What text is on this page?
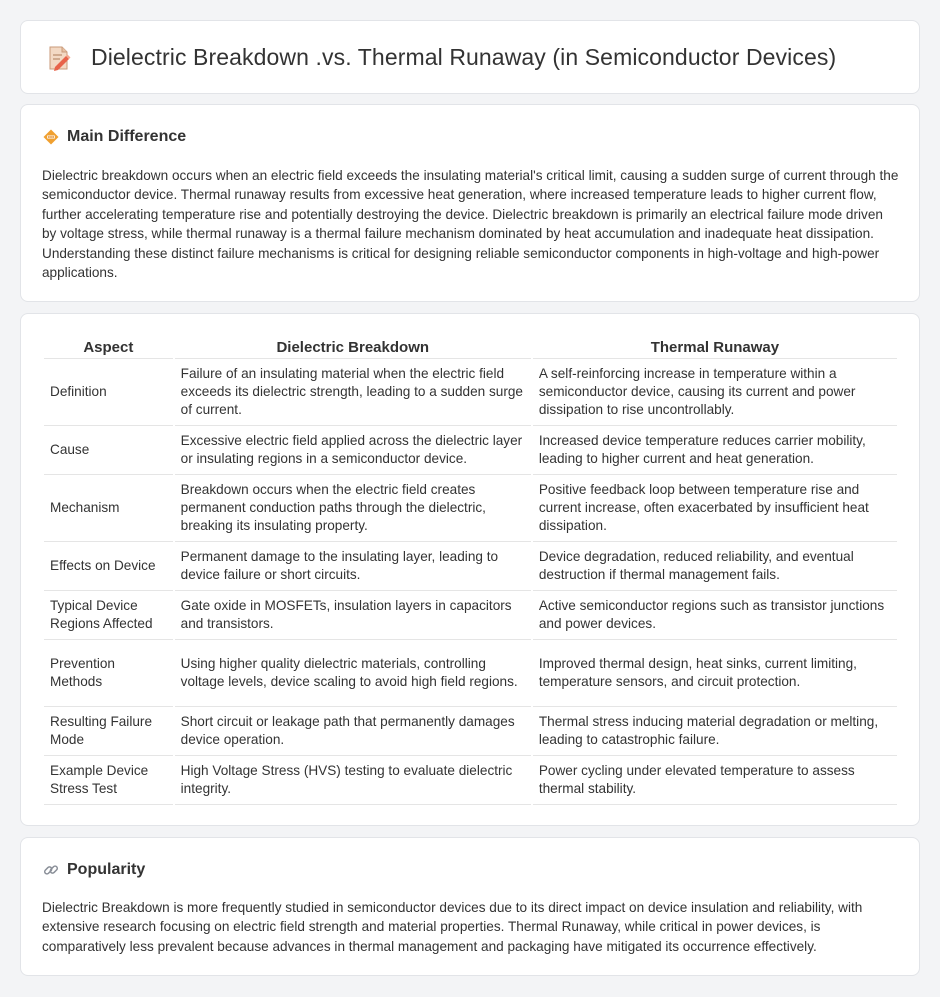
Dielectric Breakdown .vs. Thermal Runaway (in Semiconductor Devices)
Main Difference

Dielectric breakdown occurs when an electric field exceeds the insulating material's critical limit, causing a sudden surge of current through the semiconductor device. Thermal runaway results from excessive heat generation, where increased temperature leads to higher current flow, further accelerating temperature rise and potentially destroying the device. Dielectric breakdown is primarily an electrical failure mode driven by voltage stress, while thermal runaway is a thermal failure mechanism dominated by heat accumulation and inadequate heat dissipation. Understanding these distinct failure mechanisms is critical for designing reliable semiconductor components in high-voltage and high-power applications.

Aspect	Dielectric Breakdown	Thermal Runaway
Definition	Failure of an insulating material when the electric field exceeds its dielectric strength, leading to a sudden surge of current.	A self-reinforcing increase in temperature within a semiconductor device, causing its current and power dissipation to rise uncontrollably.
Cause	Excessive electric field applied across the dielectric layer or insulating regions in a semiconductor device.	Increased device temperature reduces carrier mobility, leading to higher current and heat generation.
Mechanism	Breakdown occurs when the electric field creates permanent conduction paths through the dielectric, breaking its insulating property.	Positive feedback loop between temperature rise and current increase, often exacerbated by insufficient heat dissipation.
Effects on Device	Permanent damage to the insulating layer, leading to device failure or short circuits.	Device degradation, reduced reliability, and eventual destruction if thermal management fails.
Typical Device Regions Affected	Gate oxide in MOSFETs, insulation layers in capacitors and transistors.	Active semiconductor regions such as transistor junctions and power devices.
Prevention Methods	Using higher quality dielectric materials, controlling voltage levels, device scaling to avoid high field regions.	Improved thermal design, heat sinks, current limiting, temperature sensors, and circuit protection.
Resulting Failure Mode	Short circuit or leakage path that permanently damages device operation.	Thermal stress inducing material degradation or melting, leading to catastrophic failure.
Example Device Stress Test	High Voltage Stress (HVS) testing to evaluate dielectric integrity.	Power cycling under elevated temperature to assess thermal stability.
Popularity

Dielectric Breakdown is more frequently studied in semiconductor devices due to its direct impact on device insulation and reliability, with extensive research focusing on electric field strength and material properties. Thermal Runaway, while critical in power devices, is comparatively less prevalent because advances in thermal management and packaging have mitigated its occurrence effectively.
